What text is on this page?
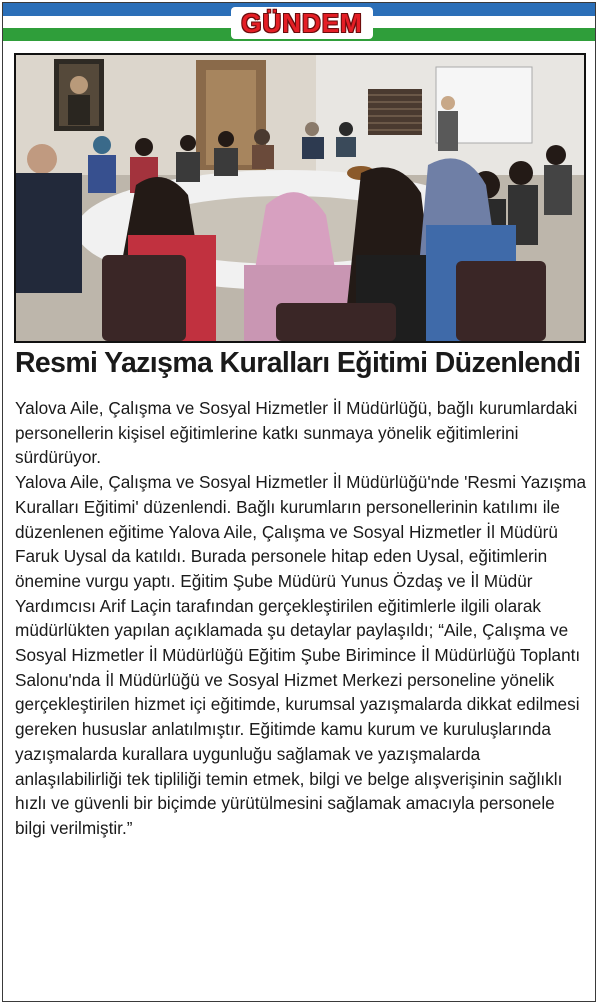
GÜNDEM
Resmi Yazışma Kuralları Eğitimi Düzenlendi

Yalova Aile, Çalışma ve Sosyal Hizmetler İl Müdürlüğü, bağlı kurumlardaki personellerin kişisel eğitimlerine katkı sunmaya yönelik eğitimlerini sürdürüyor.

Yalova Aile, Çalışma ve Sosyal Hizmetler İl Müdürlüğü'nde 'Resmi Yazışma Kuralları Eğitimi' düzenlendi. Bağlı kurumların personellerinin katılımı ile düzenlenen eğitime Yalova Aile, Çalışma ve Sosyal Hizmetler İl Müdürü Faruk Uysal da katıldı. Burada personele hitap eden Uysal, eğitimlerin önemine vurgu yaptı. Eğitim Şube Müdürü Yunus Özdaş ve İl Müdür Yardımcısı Arif Laçin tarafından gerçekleştirilen eğitimlerle ilgili olarak müdürlükten yapılan açıklamada şu detaylar paylaşıldı; “Aile, Çalışma ve Sosyal Hizmetler İl Müdürlüğü Eğitim Şube Birimince İl Müdürlüğü Toplantı Salonu'nda İl Müdürlüğü ve Sosyal Hizmet Merkezi personeline yönelik gerçekleştirilen hizmet içi eğitimde, kurumsal yazışmalarda dikkat edilmesi gereken hususlar anlatılmıştır. Eğitimde kamu kurum ve kuruluşlarında yazışmalarda kurallara uygunluğu sağlamak ve yazışmalarda anlaşılabilirliği tek tipliliği temin etmek, bilgi ve belge alışverişinin sağlıklı hızlı ve güvenli bir biçimde yürütülmesini sağlamak amacıyla personele bilgi verilmiştir.”
